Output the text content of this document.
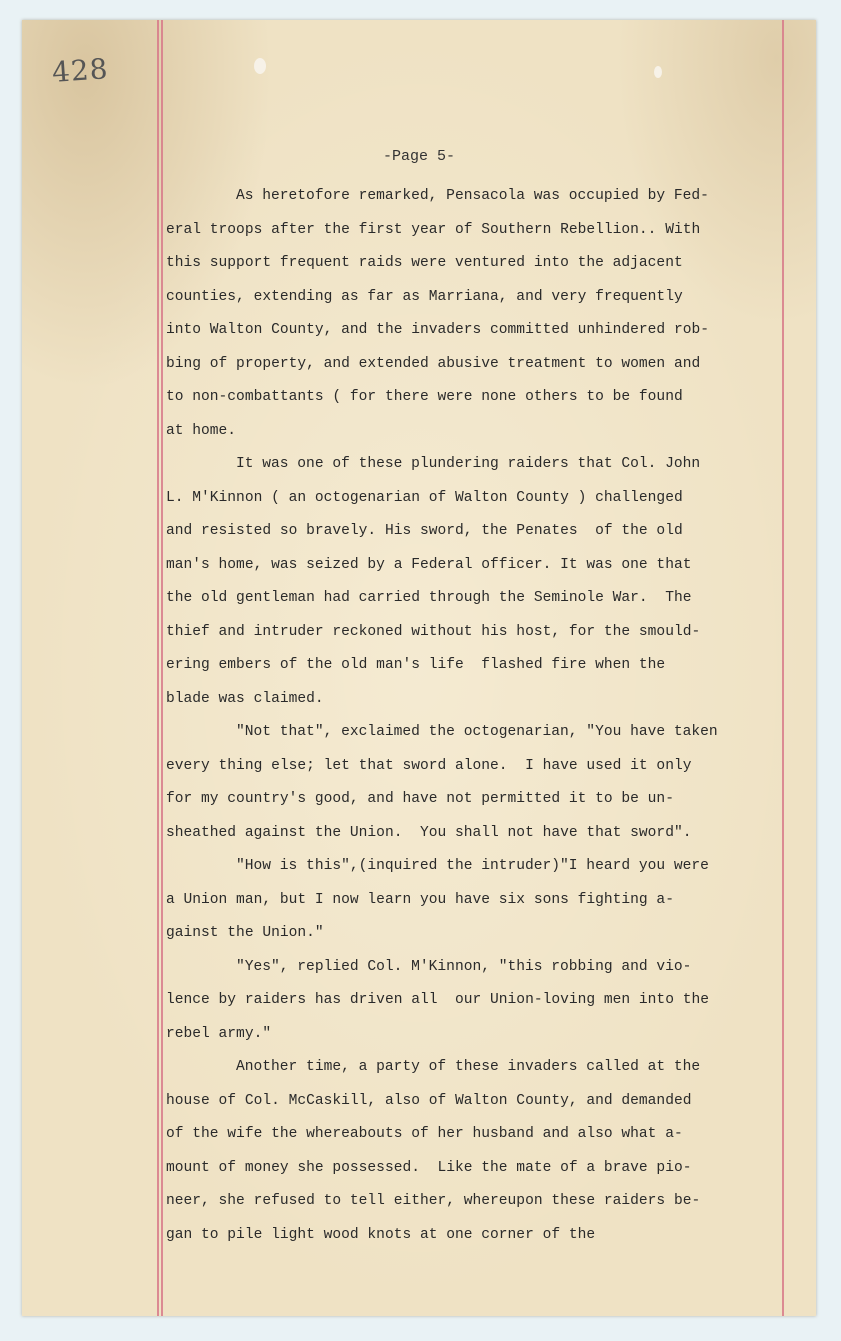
428
-Page 5-
As heretofore remarked, Pensacola was occupied by Fed-
eral troops after the first year of Southern Rebellion.. With
this support frequent raids were ventured into the adjacent
counties, extending as far as Marriana, and very frequently
into Walton County, and the invaders committed unhindered rob-
bing of property, and extended abusive treatment to women and
to non-combattants ( for there were none others to be found
at home.
It was one of these plundering raiders that Col. John
L. M'Kinnon ( an octogenarian of Walton County ) challenged
and resisted so bravely. His sword, the Penates  of the old
man's home, was seized by a Federal officer. It was one that
the old gentleman had carried through the Seminole War.  The
thief and intruder reckoned without his host, for the smould-
ering embers of the old man's life  flashed fire when the
blade was claimed.
"Not that", exclaimed the octogenarian, "You have taken
every thing else; let that sword alone.  I have used it only
for my country's good, and have not permitted it to be un-
sheathed against the Union.  You shall not have that sword".
"How is this",(inquired the intruder)"I heard you were
a Union man, but I now learn you have six sons fighting a-
gainst the Union."
"Yes", replied Col. M'Kinnon, "this robbing and vio-
lence by raiders has driven all  our Union-loving men into the
rebel army."
Another time, a party of these invaders called at the
house of Col. McCaskill, also of Walton County, and demanded
of the wife the whereabouts of her husband and also what a-
mount of money she possessed.  Like the mate of a brave pio-
neer, she refused to tell either, whereupon these raiders be-
gan to pile light wood knots at one corner of the
